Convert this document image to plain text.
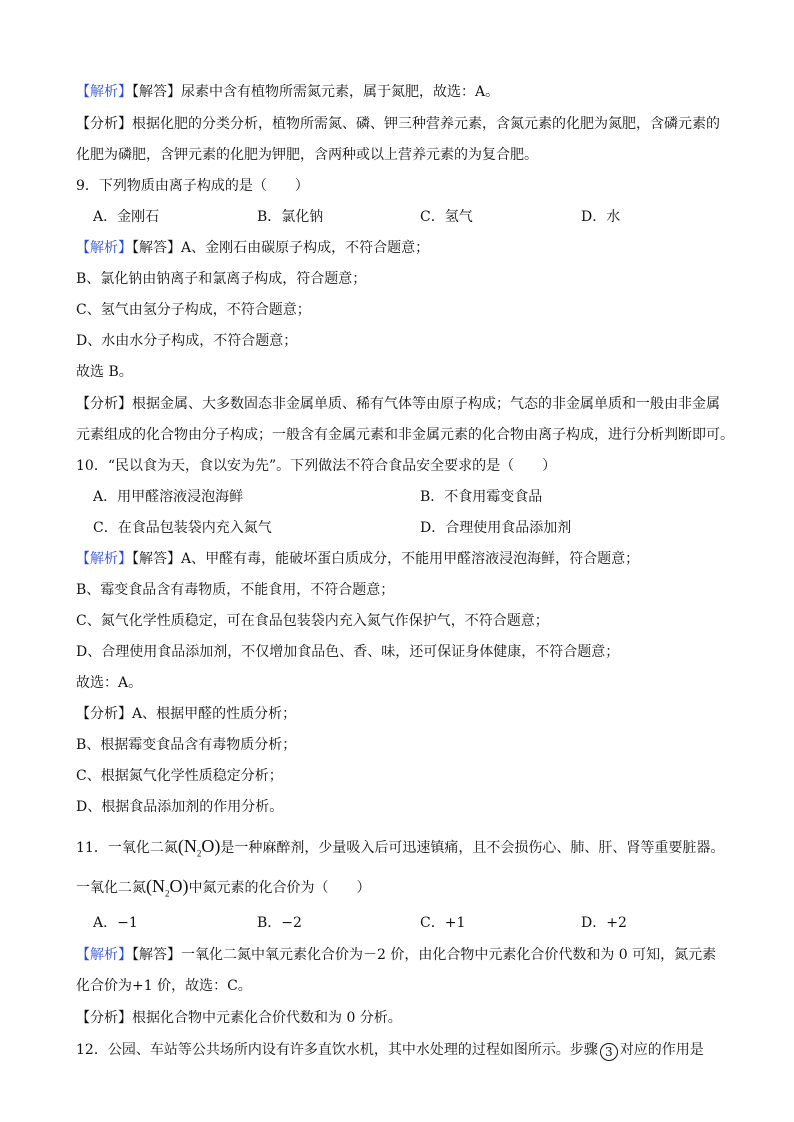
【解析】【解答】尿素中含有植物所需氮元素，属于氮肥，故选：A。
【分析】根据化肥的分类分析，植物所需氮、磷、钾三种营养元素，含氮元素的化肥为氮肥，含磷元素的
化肥为磷肥，含钾元素的化肥为钾肥，含两种或以上营养元素的为复合肥。
9．下列物质由离子构成的是（　　）
A．金刚石	B．氯化钠	C．氢气	D．水
【解析】【解答】A、金刚石由碳原子构成，不符合题意；
B、氯化钠由钠离子和氯离子构成，符合题意；
C、氢气由氢分子构成，不符合题意；
D、水由水分子构成，不符合题意；
故选 B。
【分析】根据金属、大多数固态非金属单质、稀有气体等由原子构成；气态的非金属单质和一般由非金属
元素组成的化合物由分子构成；一般含有金属元素和非金属元素的化合物由离子构成，进行分析判断即可。
10．“民以食为天，食以安为先”。下列做法不符合食品安全要求的是（　　）
A．用甲醛溶液浸泡海鲜	B．不食用霉变食品
C．在食品包装袋内充入氮气	D．合理使用食品添加剂
【解析】【解答】A、甲醛有毒，能破坏蛋白质成分，不能用甲醛溶液浸泡海鲜，符合题意；
B、霉变食品含有毒物质，不能食用，不符合题意；
C、氮气化学性质稳定，可在食品包装袋内充入氮气作保护气，不符合题意；
D、合理使用食品添加剂，不仅增加食品色、香、味，还可保证身体健康，不符合题意；
故选：A。
【分析】A、根据甲醛的性质分析；
B、根据霉变食品含有毒物质分析；
C、根据氮气化学性质稳定分析；
D、根据食品添加剂的作用分析。
11．一氧化二氮$(N_2O)$是一种麻醉剂，少量吸入后可迅速镇痛，且不会损伤心、肺、肝、肾等重要脏器。
一氧化二氮$(N_2O)$中氮元素的化合价为（　　）
A．−1	B．−2	C．+1	D．+2
【解析】【解答】一氧化二氮中氧元素化合价为－2 价，由化合物中元素化合价代数和为 0 可知，氮元素
化合价为+1 价，故选：C。
【分析】根据化合物中元素化合价代数和为 0 分析。
12．公园、车站等公共场所内设有许多直饮水机，其中水处理的过程如图所示。步骤 3 对应的作用是
